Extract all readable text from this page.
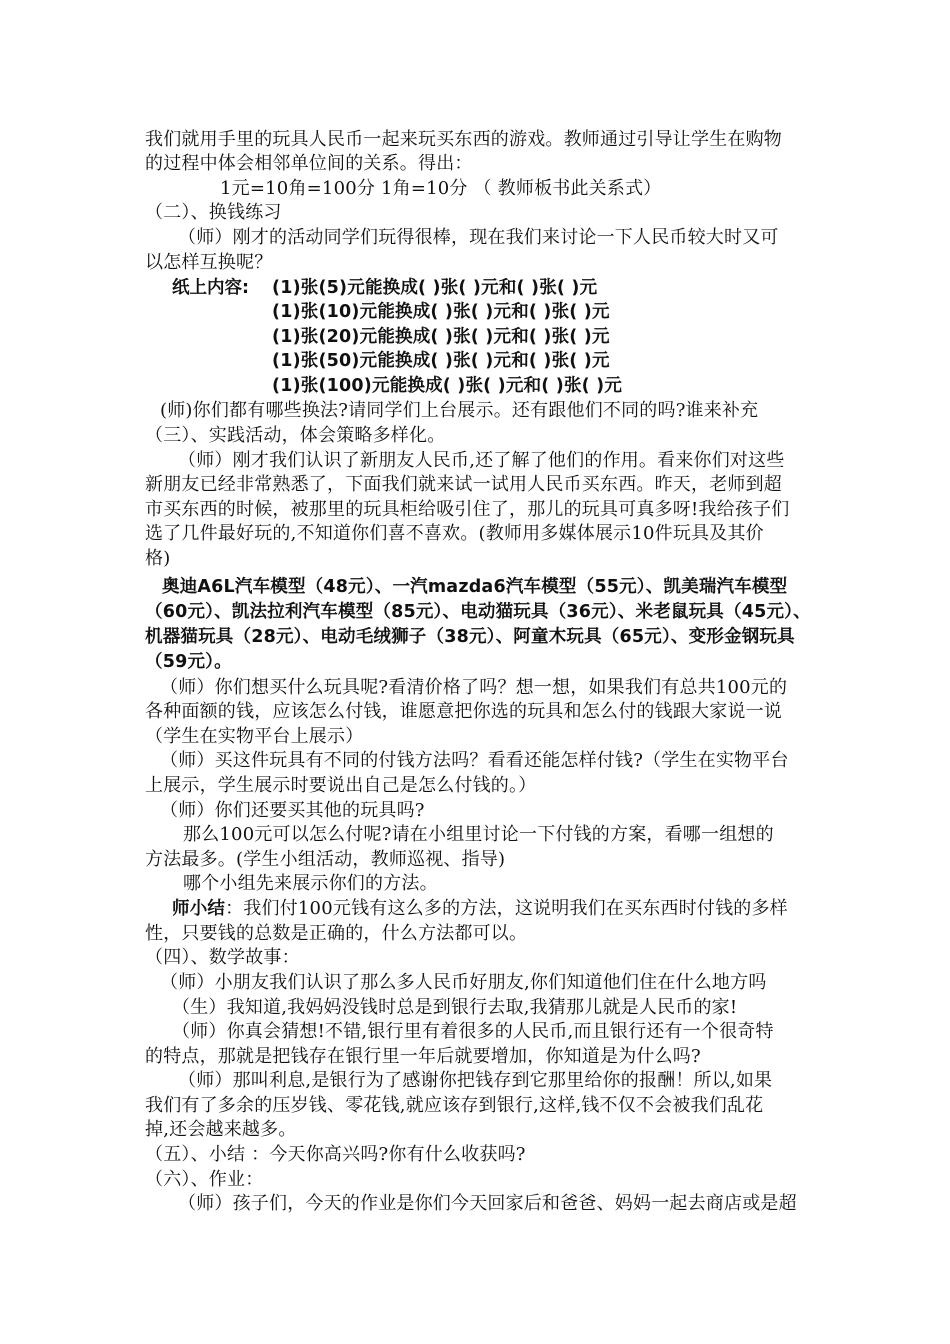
我们就用手里的玩具人民币一起来玩买东西的游戏。教师通过引导让学生在购物
的过程中体会相邻单位间的关系。得出：
1元=10角=100分 1角=10分 （ 教师板书此关系式）
（二）、换钱练习
（师）刚才的活动同学们玩得很棒，现在我们来讨论一下人民币较大时又可
以怎样互换呢？
纸上内容: (1)张(5)元能换成( )张( )元和( )张( )元
(1)张(10)元能换成( )张( )元和( )张( )元
(1)张(20)元能换成( )张( )元和( )张( )元
(1)张(50)元能换成( )张( )元和( )张( )元
(1)张(100)元能换成( )张( )元和( )张( )元
(师)你们都有哪些换法?请同学们上台展示。还有跟他们不同的吗?谁来补充
（三）、实践活动，体会策略多样化。
（师）刚才我们认识了新朋友人民币,还了解了他们的作用。看来你们对这些
新朋友已经非常熟悉了，下面我们就来试一试用人民币买东西。昨天，老师到超
市买东西的时候，被那里的玩具柜给吸引住了，那儿的玩具可真多呀!我给孩子们
选了几件最好玩的,不知道你们喜不喜欢。(教师用多媒体展示10件玩具及其价
格)
奥迪A6L汽车模型（48元）、一汽mazda6汽车模型（55元）、凯美瑞汽车模型
（60元）、凯法拉利汽车模型（85元）、电动猫玩具（36元）、米老鼠玩具（45元）、
机器猫玩具（28元）、电动毛绒狮子（38元）、阿童木玩具（65元）、变形金钢玩具
（59元）。
（师）你们想买什么玩具呢?看清价格了吗？想一想，如果我们有总共100元的
各种面额的钱，应该怎么付钱，谁愿意把你选的玩具和怎么付的钱跟大家说一说
（学生在实物平台上展示）
（师）买这件玩具有不同的付钱方法吗？看看还能怎样付钱?（学生在实物平台
上展示，学生展示时要说出自己是怎么付钱的。）
（师）你们还要买其他的玩具吗?
那么100元可以怎么付呢?请在小组里讨论一下付钱的方案，看哪一组想的
方法最多。(学生小组活动，教师巡视、指导)
哪个小组先来展示你们的方法。
师小结：我们付100元钱有这么多的方法，这说明我们在买东西时付钱的多样
性，只要钱的总数是正确的，什么方法都可以。
（四）、数学故事：
（师）小朋友我们认识了那么多人民币好朋友,你们知道他们住在什么地方吗
（生）我知道,我妈妈没钱时总是到银行去取,我猜那儿就是人民币的家!
（师）你真会猜想!不错,银行里有着很多的人民币,而且银行还有一个很奇特
的特点，那就是把钱存在银行里一年后就要增加，你知道是为什么吗?
（师）那叫利息,是银行为了感谢你把钱存到它那里给你的报酬！所以,如果
我们有了多余的压岁钱、零花钱,就应该存到银行,这样,钱不仅不会被我们乱花
掉,还会越来越多。
（五）、小结 ：今天你高兴吗?你有什么收获吗?
（六）、作业：
（师）孩子们，今天的作业是你们今天回家后和爸爸、妈妈一起去商店或是超
